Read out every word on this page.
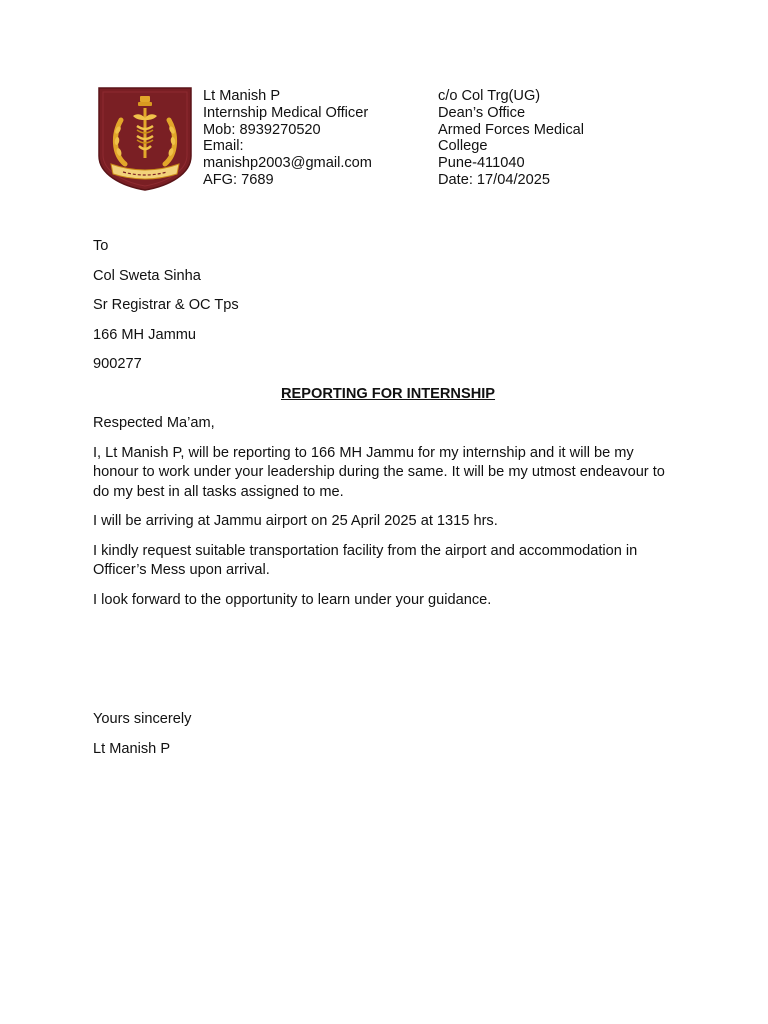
Lt Manish P
Internship Medical Officer
Mob: 8939270520
Email:
manishp2003@gmail.com
AFG: 7689
c/o Col Trg(UG)
Dean’s Office
Armed Forces Medical
College
Pune-411040
Date: 17/04/2025

To

Col Sweta Sinha

Sr Registrar & OC Tps

166 MH Jammu

900277

REPORTING FOR INTERNSHIP

Respected Ma’am,

I, Lt Manish P, will be reporting to 166 MH Jammu for my internship and it will be my honour to work under your leadership during the same. It will be my utmost endeavour to do my best in all tasks assigned to me.

I will be arriving at Jammu airport on 25 April 2025 at 1315 hrs.

I kindly request suitable transportation facility from the airport and accommodation in Officer’s Mess upon arrival.

I look forward to the opportunity to learn under your guidance.

Yours sincerely

Lt Manish P
